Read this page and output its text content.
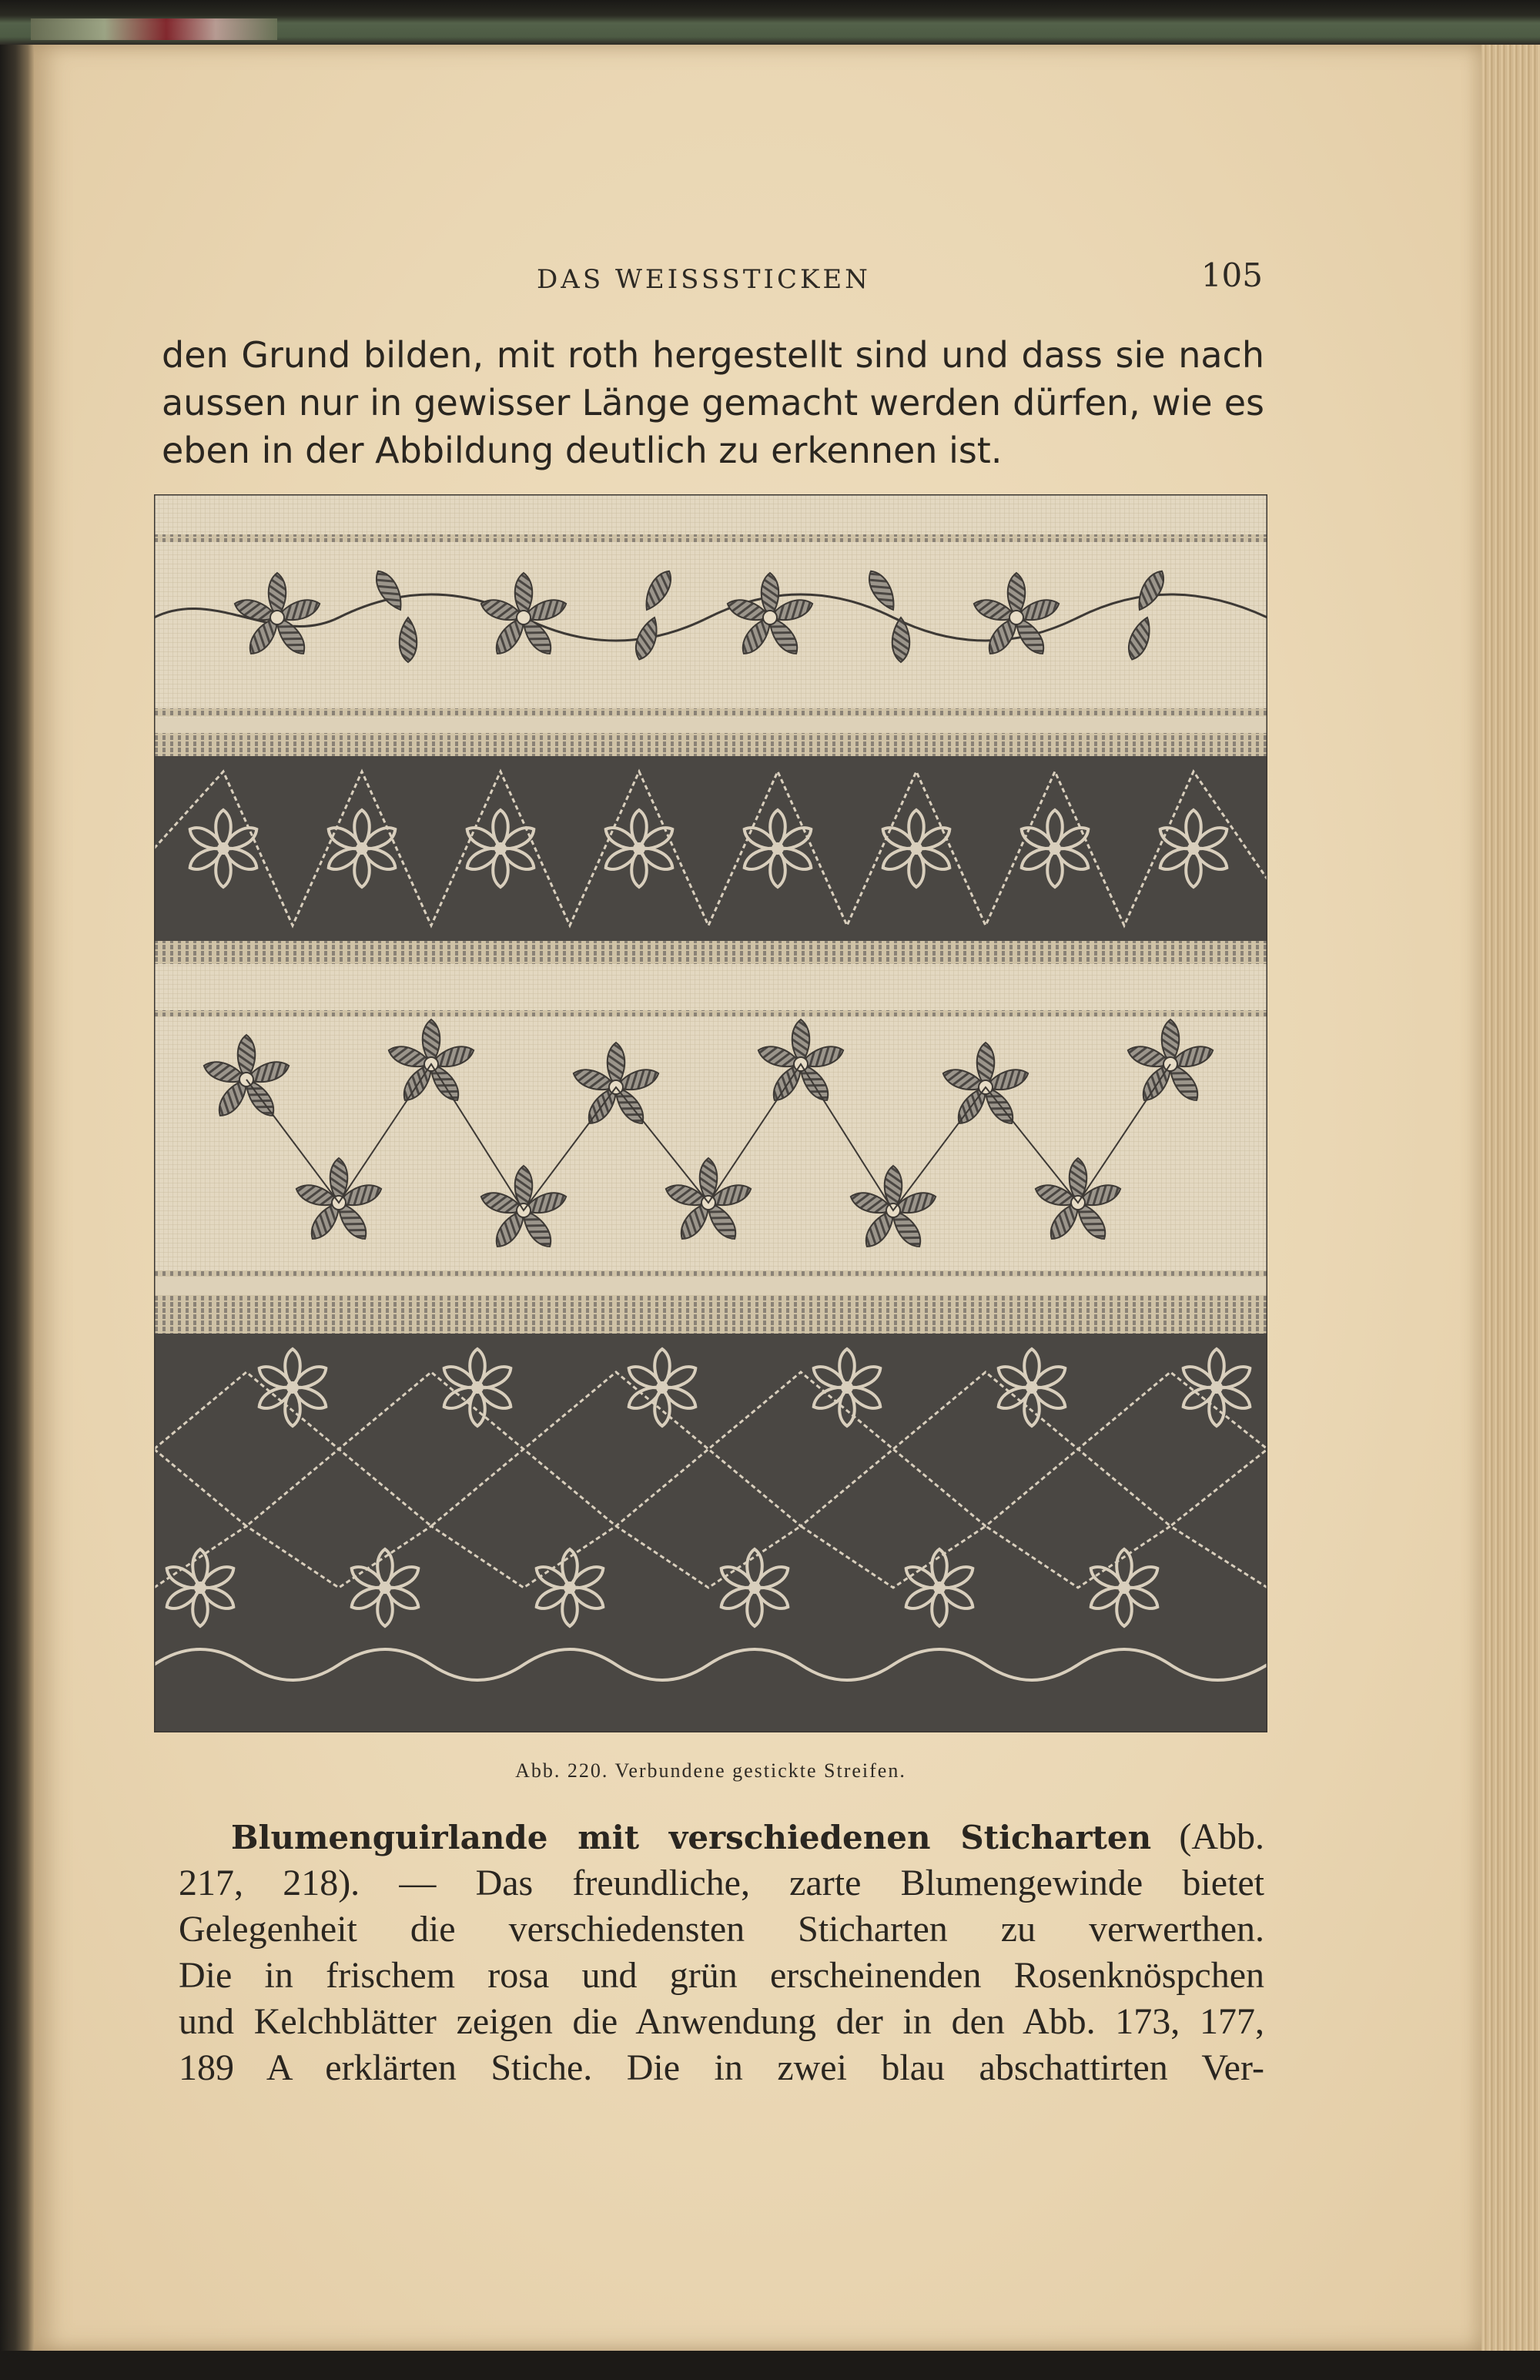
DAS WEISSSTICKEN	105
den Grund bilden, mit roth hergestellt sind und dass sie nach
aussen nur in gewisser Länge gemacht werden dürfen, wie es
eben in der Abbildung deutlich zu erkennen ist.
Abb. 220. Verbundene gestickte Streifen.
Blumenguirlande mit verschiedenen Sticharten (Abb.
217, 218). — Das freundliche, zarte Blumengewinde bietet
Gelegenheit die verschiedensten Sticharten zu verwerthen.
Die in frischem rosa und grün erscheinenden Rosenknöspchen
und Kelchblätter zeigen die Anwendung der in den Abb. 173, 177,
189 A erklärten Stiche. Die in zwei blau abschattirten Ver-
